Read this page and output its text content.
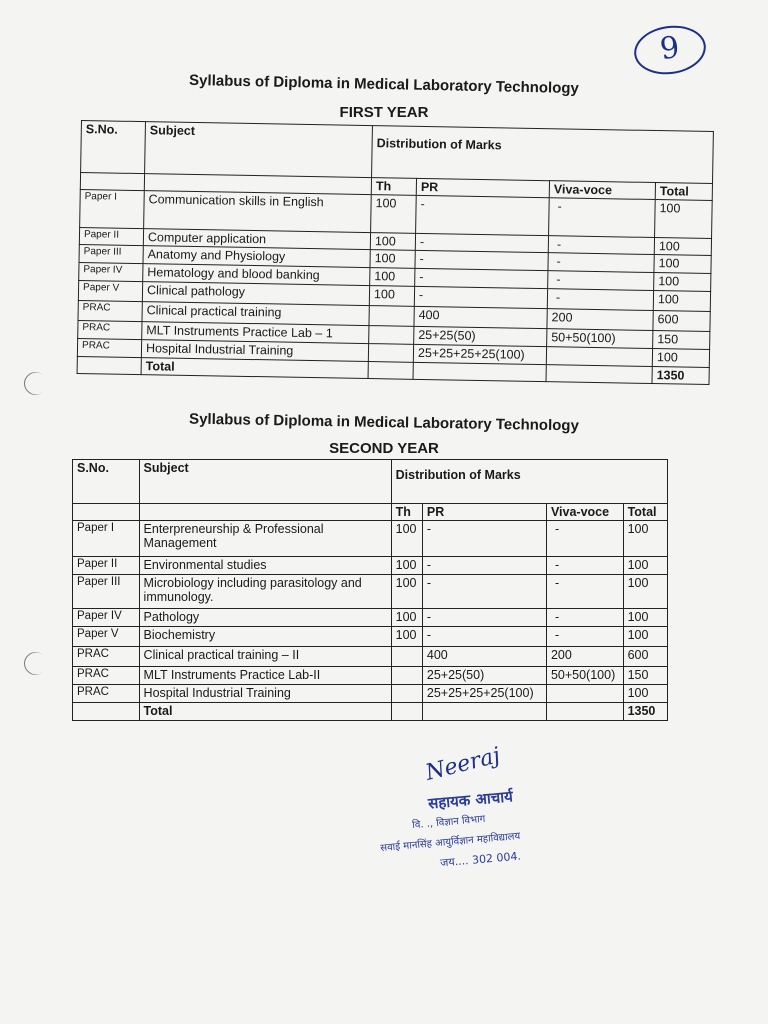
9
Syllabus of Diploma in Medical Laboratory Technology
FIRST YEAR
S.No.	Subject	Distribution of Marks			
		Th	PR	Viva-voce	Total
Paper I	Communication skills in English	100	-	-	100
Paper II	Computer application	100	-	-	100
Paper III	Anatomy and Physiology	100	-	-	100
Paper IV	Hematology and blood banking	100	-	-	100
Paper V	Clinical pathology	100	-	-	100
PRAC	Clinical practical training		400	200	600
PRAC	MLT Instruments Practice Lab – 1		25+25(50)	50+50(100)	150
PRAC	Hospital Industrial Training		25+25+25+25(100)		100
	Total				1350
Syllabus of Diploma in Medical Laboratory Technology
SECOND YEAR
S.No.	Subject	Distribution of Marks			
		Th	PR	Viva-voce	Total
Paper I	Enterpreneurship & Professional Management	100	-	-	100
Paper II	Environmental studies	100	-	-	100
Paper III	Microbiology including parasitology and immunology.	100	-	-	100
Paper IV	Pathology	100	-	-	100
Paper V	Biochemistry	100	-	-	100
PRAC	Clinical practical training – II		400	200	600
PRAC	MLT Instruments Practice Lab-II		25+25(50)	50+50(100)	150
PRAC	Hospital Industrial Training		25+25+25+25(100)		100
	Total				1350
Neeraj
सहायक आचार्य
वि. ., विज्ञान विभाग
सवाई मानसिंह आयुर्विज्ञान महाविद्यालय
जय.... 302 004.
